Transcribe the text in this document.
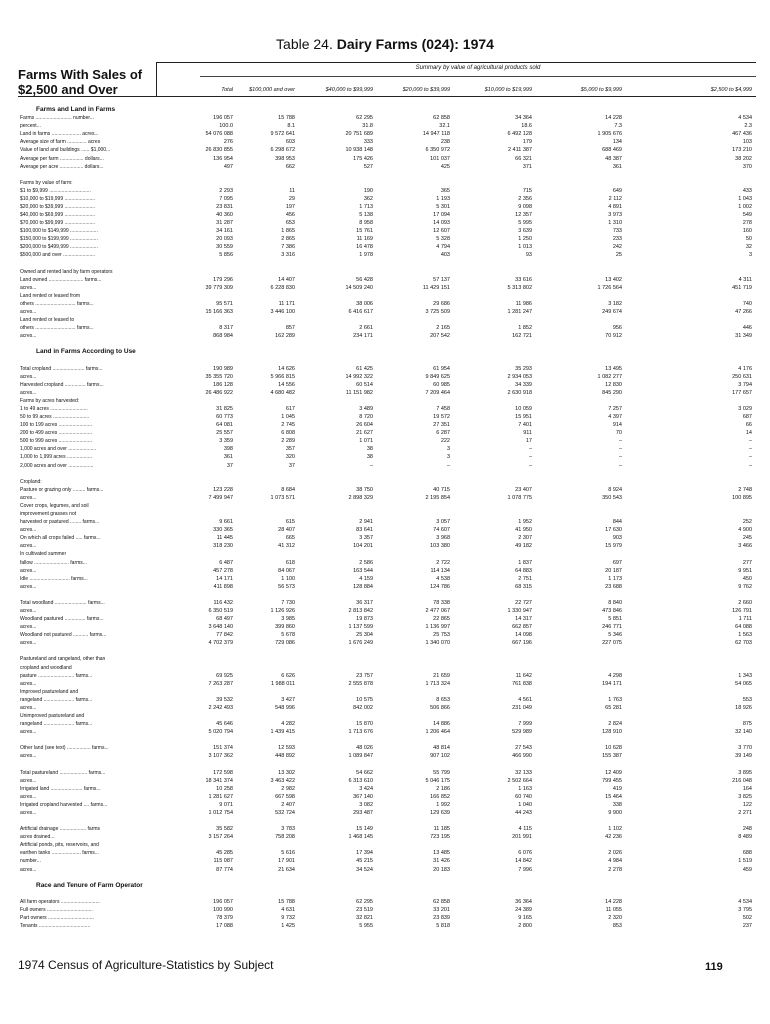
Table 24. Dairy Farms (024): 1974
Farms With Sales of $2,500 and Over
Summary by value of agricultural products sold
Total	$100,000 and over	$40,000 to $99,999	$20,000 to $39,999	$10,000 to $19,999	$5,000 to $9,999	$2,500 to $4,999
Farms and Land in Farms
Farms .......................... number...	196 057	15 788	62 295	62 858	34 364	14 228	4 534
percent...	100.0	8.1	31.8	32.1	18.6	7.3	2.3
Land in farms ..................... acres...	54 076 088	9 572 641	20 751 689	14 947 118	6 492 128	1 905 676	467 436
Average size of farm .............. acres	276	603	333	238	179	134	103
Value of land and buildings ...... $1,000...	26 830 855	6 298 672	10 938 148	6 350 972	2 411 387	688 469	173 210
Average per farm ................. dollars...	136 954	398 953	175 426	101 037	66 321	48 387	38 202
Average per acre ................. dollars...	497	662	527	425	371	361	370
Farms by value of farm:
$1 to $9,999 ..............................	2 293	11	190	365	715	649	433
$10,000 to $19,999 ......................	7 095	29	362	1 193	2 356	2 112	1 043
$20,000 to $39,999 ......................	23 831	197	1 713	5 301	9 098	4 891	1 002
$40,000 to $69,999 ......................	40 360	456	5 138	17 094	12 357	3 973	549
$70,000 to $99,999 ......................	31 287	653	8 958	14 093	5 995	1 310	278
$100,000 to $149,999 ....................	34 161	1 865	15 761	12 607	3 639	733	160
$150,000 to $199,999 ....................	20 093	2 865	11 169	5 328	1 250	233	50
$200,000 to $499,999 ....................	30 559	7 386	16 478	4 794	1 013	242	32
$500,000 and over .......................	5 856	3 316	1 978	403	93	25	3
Owned and rented land by farm operators
Land owned ......................... farms...	179 296	14 407	56 428	57 137	33 616	13 402	4 311
acres...	39 779 309	6 228 830	14 509 240	11 429 151	5 313 802	1 726 564	451 719
Land rented or leased from
others ............................. farms...	95 571	11 171	38 006	29 686	11 986	3 182	740
acres...	15 166 363	3 446 100	6 416 617	3 725 509	1 281 247	249 674	47 266
Land rented or leased to
others ............................. farms...	8 317	857	2 661	2 165	1 852	956	446
acres...	868 984	162 289	234 171	207 542	162 721	70 912	31 349
Land in Farms According to Use
Total cropland ....................... farms...	190 989	14 626	61 425	61 954	35 293	13 495	4 176
acres...	35 355 720	5 966 815	14 992 322	9 849 625	2 934 053	1 082 277	250 631
Harvested cropland ............... farms...	186 128	14 556	60 514	60 985	34 339	12 830	3 794
acres...	26 486 922	4 680 482	11 151 982	7 209 464	2 630 918	845 290	177 657
Farms by acres harvested:
1 to 49 acres ...........................	31 825	617	3 489	7 458	10 059	7 257	3 029
50 to 99 acres ..........................	60 773	1 045	8 720	19 572	15 951	4 397	687
100 to 199 acres ........................	64 081	2 745	26 604	27 351	7 401	914	66
200 to 499 acres ........................	25 557	6 808	21 627	6 287	911	70	14
500 to 999 acres ........................	3 359	2 289	1 071	222	17	–	–
1,000 acres and over ....................	398	357	38	3	–	–	–
1,000 to 1,999 acres ..................	361	320	38	3	–	–	–
2,000 acres and over ..................	37	37	–	–	–	–	–
Cropland:
Pasture or grazing only ......... farms...	123 228	8 684	38 750	40 715	23 407	8 924	2 748
acres...	7 499 947	1 073 571	2 898 329	2 195 854	1 078 775	350 543	100 895
Cover crops, legumes, and soil
improvement grasses not
harvested or pastured ........ farms...	9 661	615	2 941	3 057	1 952	844	252
acres...	330 365	28 407	83 641	74 607	41 950	17 630	4 900
On which all crops failed ..... farms...	11 445	665	3 357	3 968	2 307	903	245
acres...	318 230	41 312	104 201	103 380	49 182	15 979	3 466
In cultivated summer
fallow ......................... farms...	6 487	618	2 586	2 722	1 837	697	277
acres...	457 278	84 067	163 544	114 134	64 883	20 187	9 951
Idle ............................. farms...	14 171	1 100	4 159	4 538	2 751	1 173	450
acres...	411 898	56 573	128 884	124 786	68 315	23 688	9 762
Total woodland ....................... farms...	116 432	7 730	36 317	78 338	22 727	8 840	2 660
acres...	6 350 519	1 126 926	2 813 842	2 477 067	1 330 947	473 846	126 791
Woodland pastured ............... farms...	68 497	3 985	19 873	22 865	14 317	5 851	1 711
acres...	3 648 140	399 860	1 137 599	1 136 997	662 857	246 771	64 088
Woodland not pastured ........... farms...	77 842	5 678	25 304	25 753	14 098	5 346	1 563
acres...	4 702 379	729 086	1 676 249	1 340 070	667 196	227 075	62 703
Pastureland and rangeland, other than
cropland and woodland
pasture .......................... farms...	69 925	6 626	23 757	21 659	11 642	4 298	1 343
acres...	7 263 287	1 988 011	2 555 878	1 713 324	761 838	194 171	54 065
Improved pastureland and
rangeland ...................... farms...	39 532	3 427	10 575	8 653	4 561	1 763	553
acres...	2 242 493	548 996	842 002	506 866	231 049	65 281	18 926
Unimproved pastureland and
rangeland ...................... farms...	45 646	4 282	15 870	14 886	7 999	2 824	875
acres...	5 020 794	1 439 415	1 713 676	1 206 464	529 989	128 910	32 140
Other land (see text) ................. farms...	151 374	12 593	48 026	48 814	27 543	10 628	3 770
acres...	3 107 362	448 892	1 089 847	907 102	466 990	155 387	39 149
Total pastureland .................... farms...	172 598	13 302	54 662	55 799	32 133	12 409	3 895
acres...	18 341 374	3 463 422	6 313 610	5 046 175	2 502 664	799 455	216 048
Irrigated land ....................... farms...	10 258	2 982	3 424	2 186	1 163	419	164
acres...	1 281 627	667 598	367 140	166 852	60 740	15 464	3 825
Irrigated cropland harvested .... farms...	9 071	2 407	3 082	1 992	1 040	338	122
acres...	1 012 754	532 724	293 487	129 639	44 243	9 900	2 271
Artificial drainage ................... farms	35 582	3 783	15 149	11 185	4 115	1 102	248
acres drained...	3 157 264	758 208	1 468 145	723 195	201 991	42 236	8 489
Artificial ponds, pits, reservoirs, and
earthen tanks ..................... farms...	45 285	5 616	17 394	13 485	6 076	2 026	688
number...	115 087	17 901	45 215	31 426	14 842	4 984	1 519
acres...	87 774	21 634	34 524	20 183	7 996	2 278	459
Race and Tenure of Farm Operator
All farm operators ............................	196 057	15 788	62 295	62 858	36 364	14 228	4 534
Full owners .................................	100 990	4 631	23 519	33 201	24 389	11 055	3 795
Part owners .................................	78 379	9 732	32 821	23 839	9 165	2 320	502
Tenants .....................................	17 088	1 425	5 955	5 818	2 800	853	237
1974 Census of Agriculture-Statistics by Subject	119
